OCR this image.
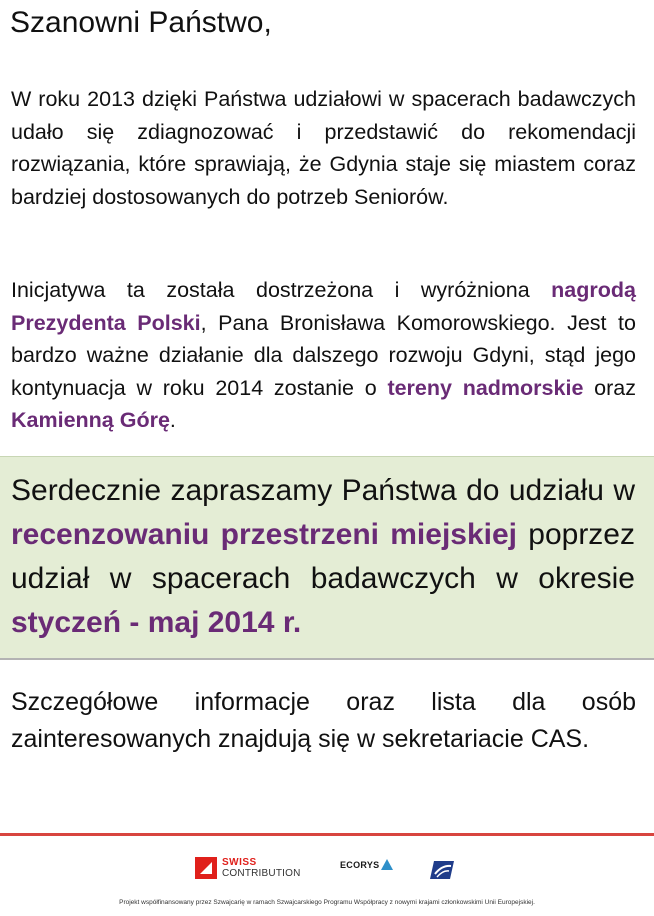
Szanowni Państwo,

W roku 2013 dzięki Państwa udziałowi w spacerach badawczych udało się zdiagnozować i przedstawić do rekomendacji rozwiązania, które sprawiają, że Gdynia staje się miastem coraz bardziej dostosowanych do potrzeb Seniorów.

Inicjatywa ta została dostrzeżona i wyróżniona nagrodą Prezydenta Polski, Pana Bronisława Komorowskiego. Jest to bardzo ważne działanie dla dalszego rozwoju Gdyni, stąd jego kontynuacja w roku 2014 zostanie o tereny nadmorskie oraz Kamienną Górę.

Serdecznie zapraszamy Państwa do udziału w recenzowaniu przestrzeni miejskiej poprzez udział w spacerach badawczych w okresie styczeń - maj 2014 r.

Szczegółowe informacje oraz lista dla osób zainteresowanych znajdują się w sekretariacie CAS.

SWISS
CONTRIBUTION
ECORYS

Projekt współfinansowany przez Szwajcarię w ramach Szwajcarskiego Programu Współpracy z nowymi krajami członkowskimi Unii Europejskiej.
